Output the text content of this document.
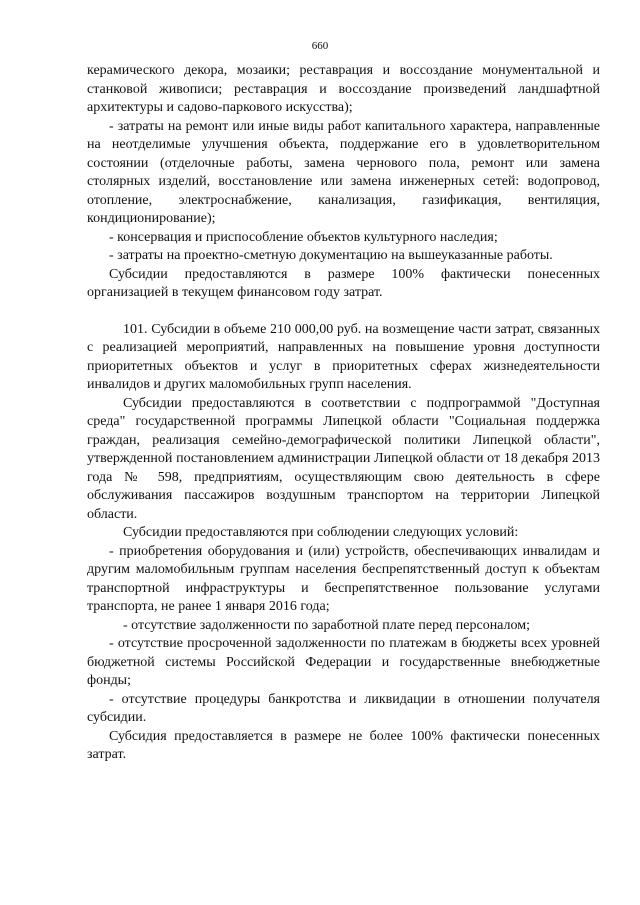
660

керамического декора, мозаики; реставрация и воссоздание монументальной и станковой живописи; реставрация и воссоздание произведений ландшафтной архитектуры и садово-паркового искусства);

- затраты на ремонт или иные виды работ капитального характера, направленные на неотделимые улучшения объекта, поддержание его в удовлетворительном состоянии (отделочные работы, замена чернового пола, ремонт или замена столярных изделий, восстановление или замена инженерных сетей: водопровод, отопление, электроснабжение, канализация, газификация, вентиляция, кондиционирование);

- консервация и приспособление объектов культурного наследия;

- затраты на проектно-сметную документацию на вышеуказанные работы.

Субсидии предоставляются в размере 100% фактически понесенных организацией в текущем финансовом году затрат.

101. Субсидии в объеме 210 000,00 руб. на возмещение части затрат, связанных с реализацией мероприятий, направленных на повышение уровня доступности приоритетных объектов и услуг в приоритетных сферах жизнедеятельности инвалидов и других маломобильных групп населения.

Субсидии предоставляются в соответствии с подпрограммой "Доступная среда" государственной программы Липецкой области "Социальная поддержка граждан, реализация семейно-демографической политики Липецкой области", утвержденной постановлением администрации Липецкой области от 18 декабря 2013 года № 598, предприятиям, осуществляющим свою деятельность в сфере обслуживания пассажиров воздушным транспортом на территории Липецкой области.

Субсидии предоставляются при соблюдении следующих условий:

- приобретения оборудования и (или) устройств, обеспечивающих инвалидам и другим маломобильным группам населения беспрепятственный доступ к объектам транспортной инфраструктуры и беспрепятственное пользование услугами транспорта, не ранее 1 января 2016 года;

- отсутствие задолженности по заработной плате перед персоналом;

- отсутствие просроченной задолженности по платежам в бюджеты всех уровней бюджетной системы Российской Федерации и государственные внебюджетные фонды;

- отсутствие процедуры банкротства и ликвидации в отношении получателя субсидии.

Субсидия предоставляется в размере не более 100% фактически понесенных затрат.
